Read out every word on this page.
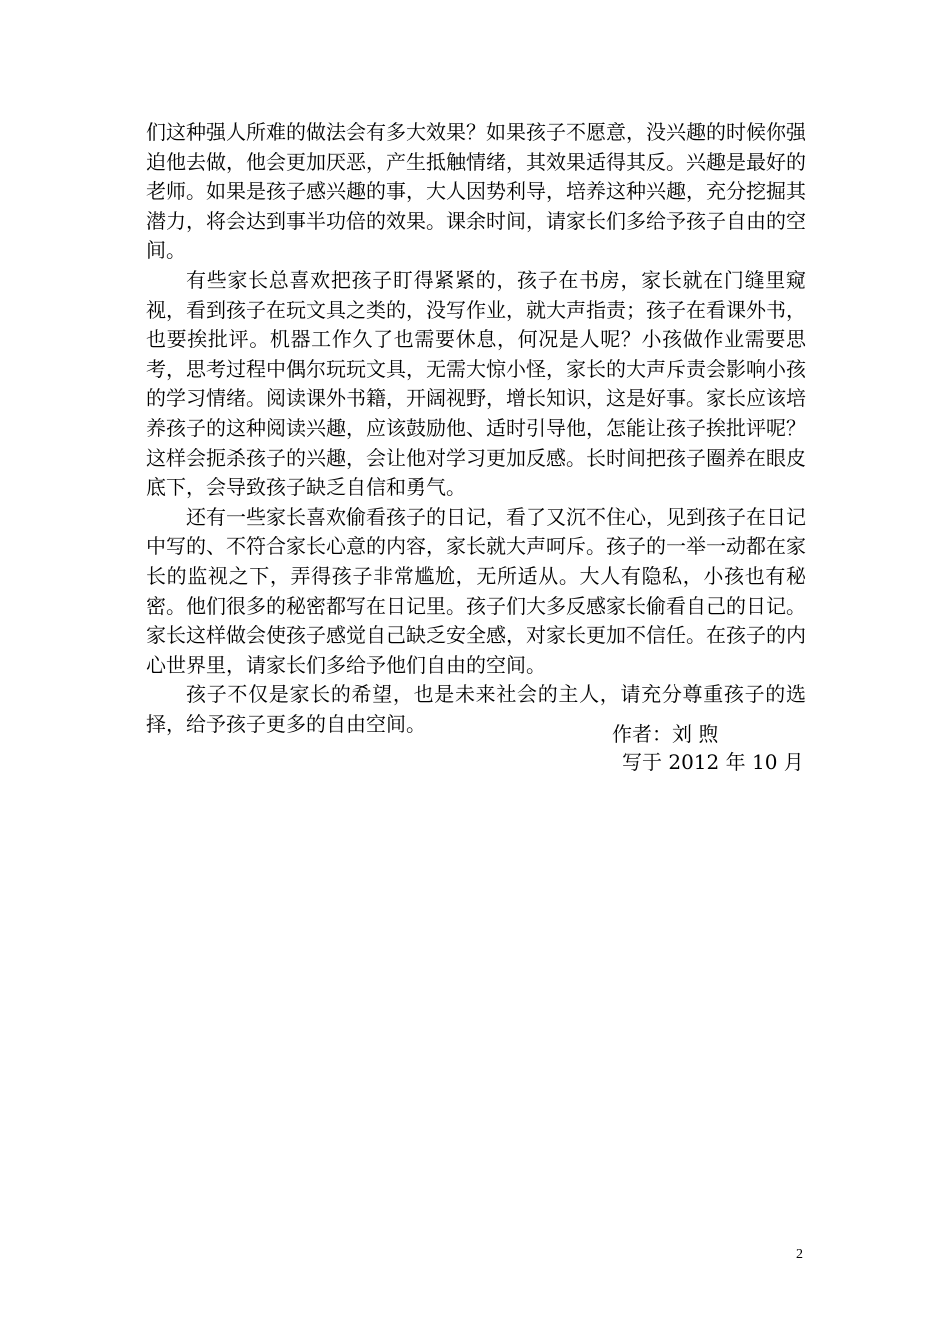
们这种强人所难的做法会有多大效果？如果孩子不愿意，没兴趣的时候你强迫他去做，他会更加厌恶，产生抵触情绪，其效果适得其反。兴趣是最好的老师。如果是孩子感兴趣的事，大人因势利导，培养这种兴趣，充分挖掘其潜力，将会达到事半功倍的效果。课余时间，请家长们多给予孩子自由的空间。

有些家长总喜欢把孩子盯得紧紧的，孩子在书房，家长就在门缝里窥视，看到孩子在玩文具之类的，没写作业，就大声指责；孩子在看课外书，也要挨批评。机器工作久了也需要休息，何况是人呢？小孩做作业需要思考，思考过程中偶尔玩玩文具，无需大惊小怪，家长的大声斥责会影响小孩的学习情绪。阅读课外书籍，开阔视野，增长知识，这是好事。家长应该培养孩子的这种阅读兴趣，应该鼓励他、适时引导他，怎能让孩子挨批评呢？这样会扼杀孩子的兴趣，会让他对学习更加反感。长时间把孩子圈养在眼皮底下，会导致孩子缺乏自信和勇气。

还有一些家长喜欢偷看孩子的日记，看了又沉不住心，见到孩子在日记中写的、不符合家长心意的内容，家长就大声呵斥。孩子的一举一动都在家长的监视之下，弄得孩子非常尴尬，无所适从。大人有隐私，小孩也有秘密。他们很多的秘密都写在日记里。孩子们大多反感家长偷看自己的日记。家长这样做会使孩子感觉自己缺乏安全感，对家长更加不信任。在孩子的内心世界里，请家长们多给予他们自由的空间。

孩子不仅是家长的希望，也是未来社会的主人，请充分尊重孩子的选择，给予孩子更多的自由空间。	作者：刘 煦
写于 2012 年 10 月
2
